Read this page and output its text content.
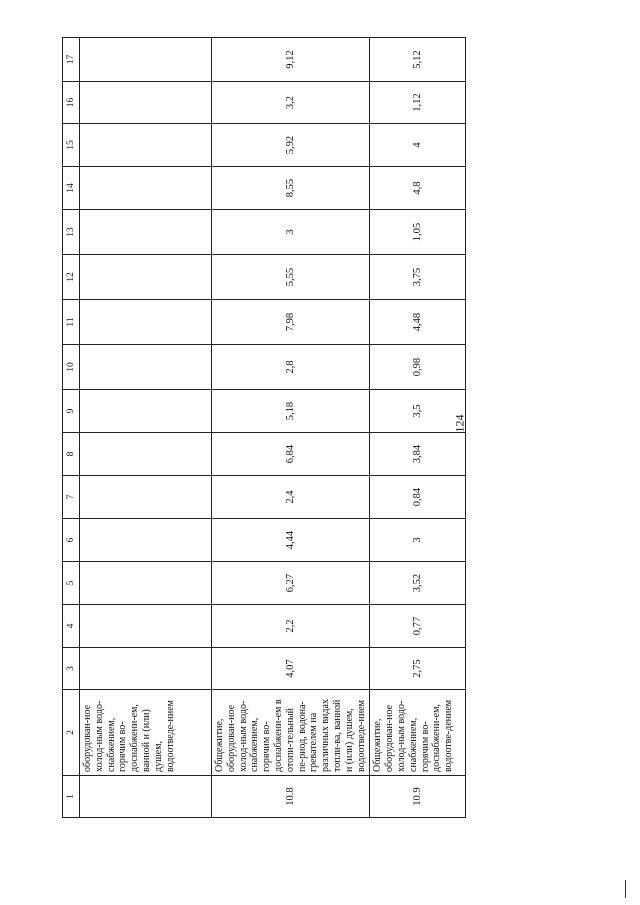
124
1	2	3	4	5	6	7	8	9	10	11	12	13	14	15	16	17
	оборудован-ное холод-ным водо-снабжением, горячим во-доснабжени-ем, ванной и (или) душем, водоотведе-нием															
10.8	Общежитие, оборудован-ное холод-ным водо-снабжением, горячим во-доснабжени-ем в отопи-тельный пе-риод, водона-гревателем на различных видах топли-ва, ванной и (или) душем, водоотведе-нием	4,07	2,2	6,27	4,44	2,4	6,84	5,18	2,8	7,98	5,55	3	8,55	5,92	3,2	9,12
10.9	Общежитие, оборудован-ное холод-ным водо-снабжением, горячим во-доснабжени-ем, водоотве-дением	2,75	0,77	3,52	3	0,84	3,84	3,5	0,98	4,48	3,75	1,05	4,8	4	1,12	5,12
